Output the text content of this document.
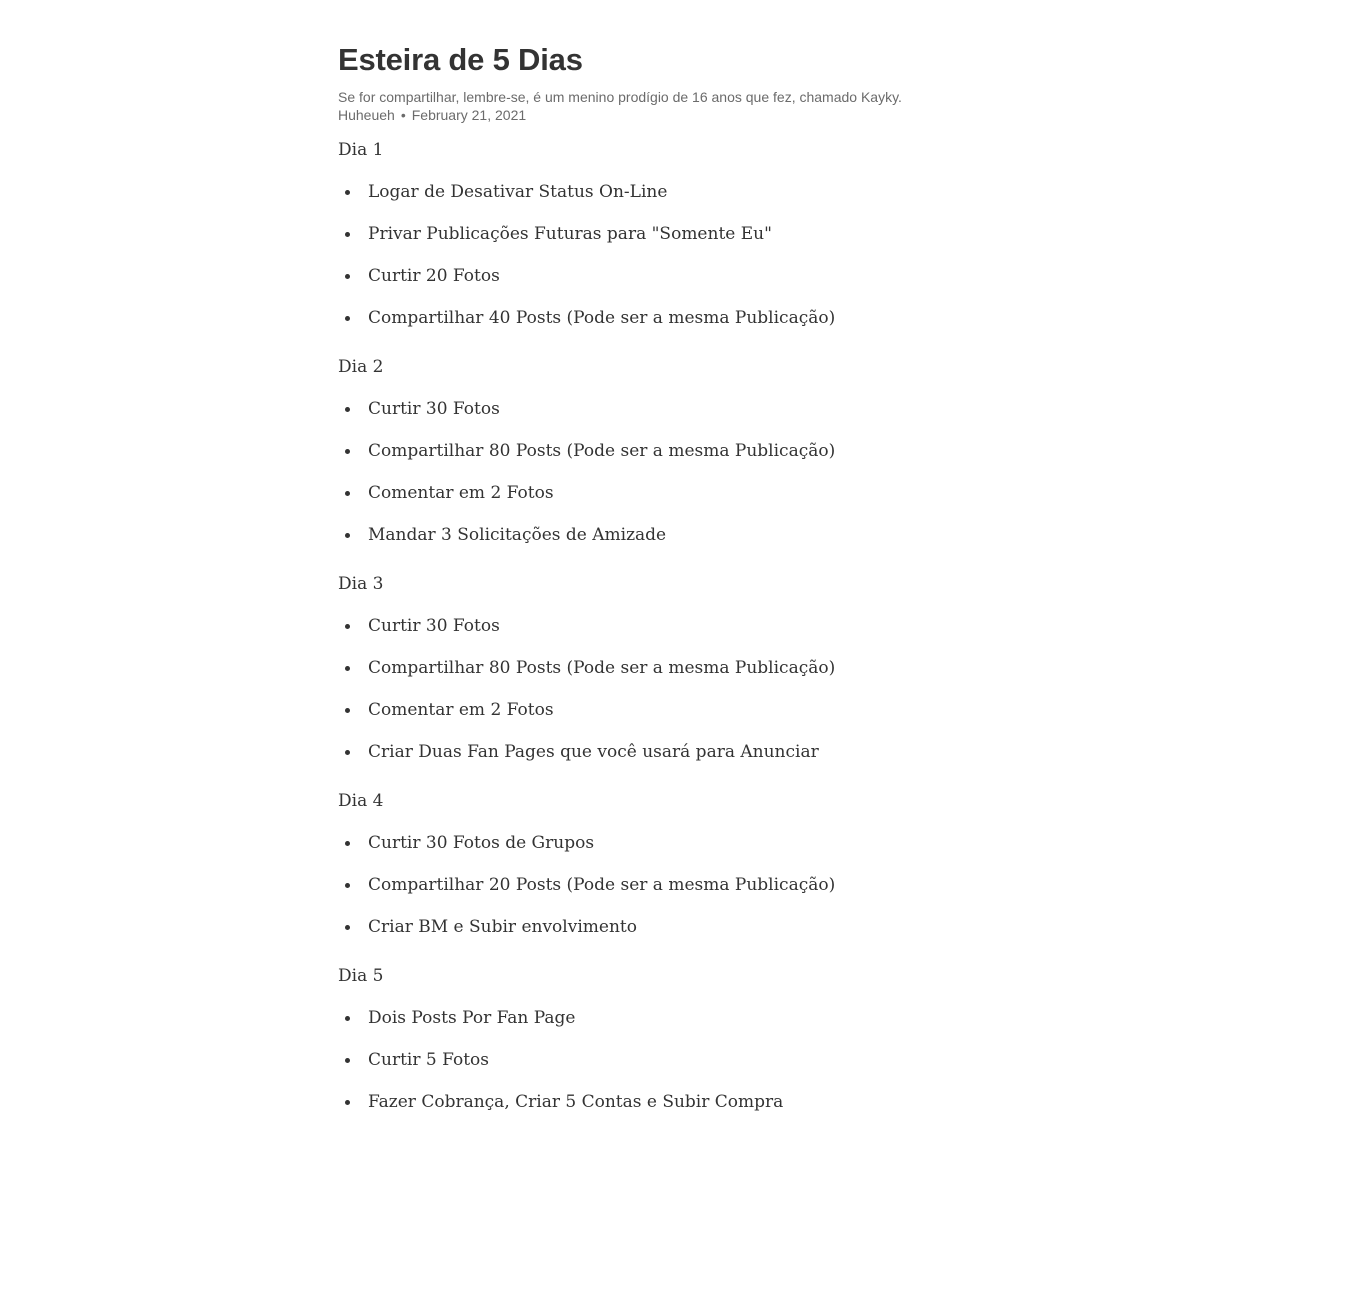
Esteira de 5 Dias
Se for compartilhar, lembre-se, é um menino prodígio de 16 anos que fez, chamado Kayky. Huheueh • February 21, 2021

Dia 1

Logar de Desativar Status On-Line
Privar Publicações Futuras para "Somente Eu"
Curtir 20 Fotos
Compartilhar 40 Posts (Pode ser a mesma Publicação)

Dia 2

Curtir 30 Fotos
Compartilhar 80 Posts (Pode ser a mesma Publicação)
Comentar em 2 Fotos
Mandar 3 Solicitações de Amizade

Dia 3

Curtir 30 Fotos
Compartilhar 80 Posts (Pode ser a mesma Publicação)
Comentar em 2 Fotos
Criar Duas Fan Pages que você usará para Anunciar

Dia 4

Curtir 30 Fotos de Grupos
Compartilhar 20 Posts (Pode ser a mesma Publicação)
Criar BM e Subir envolvimento

Dia 5

Dois Posts Por Fan Page
Curtir 5 Fotos
Fazer Cobrança, Criar 5 Contas e Subir Compra
